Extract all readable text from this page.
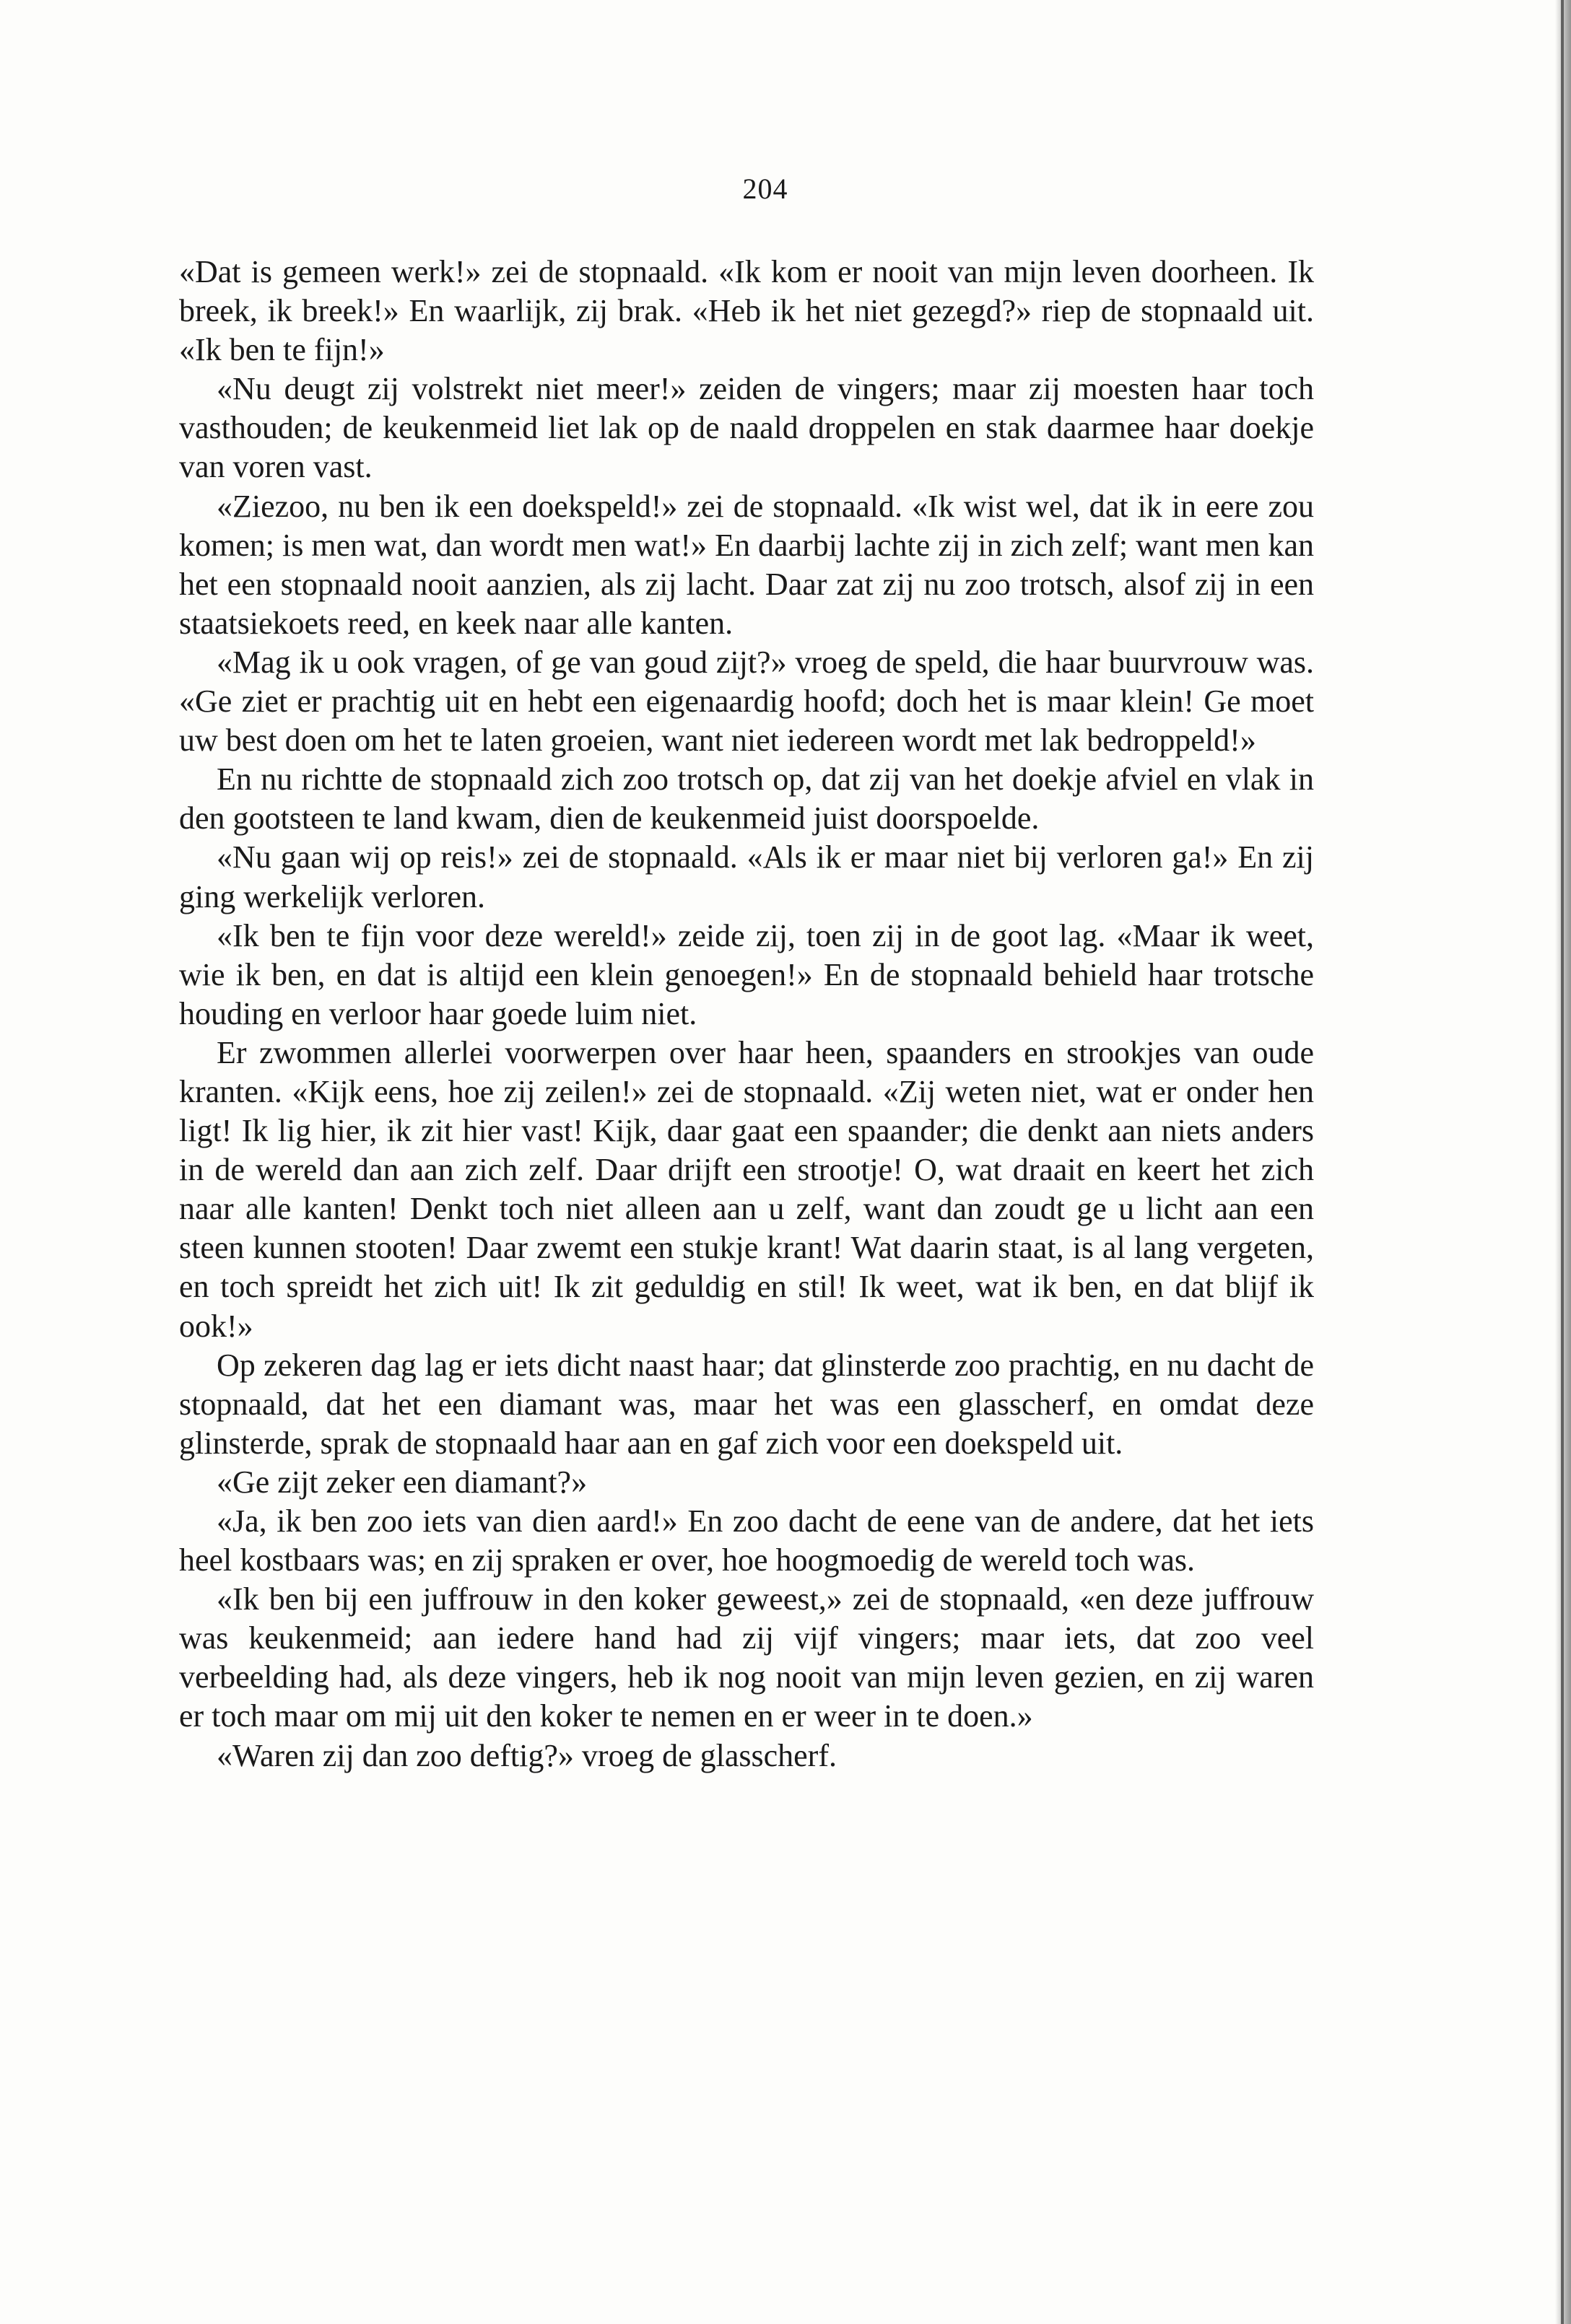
204

«Dat is gemeen werk!» zei de stopnaald. «Ik kom er nooit van mijn leven doorheen. Ik breek, ik breek!» En waarlijk, zij brak. «Heb ik het niet gezegd?» riep de stopnaald uit. «Ik ben te fijn!»

«Nu deugt zij volstrekt niet meer!» zeiden de vingers; maar zij moesten haar toch vasthouden; de keukenmeid liet lak op de naald droppelen en stak daarmee haar doekje van voren vast.

«Ziezoo, nu ben ik een doekspeld!» zei de stopnaald. «Ik wist wel, dat ik in eere zou komen; is men wat, dan wordt men wat!» En daarbij lachte zij in zich zelf; want men kan het een stopnaald nooit aanzien, als zij lacht. Daar zat zij nu zoo trotsch, alsof zij in een staatsiekoets reed, en keek naar alle kanten.

«Mag ik u ook vragen, of ge van goud zijt?» vroeg de speld, die haar buurvrouw was. «Ge ziet er prachtig uit en hebt een eigenaardig hoofd; doch het is maar klein! Ge moet uw best doen om het te laten groeien, want niet iedereen wordt met lak bedroppeld!»

En nu richtte de stopnaald zich zoo trotsch op, dat zij van het doekje afviel en vlak in den gootsteen te land kwam, dien de keukenmeid juist doorspoelde.

«Nu gaan wij op reis!» zei de stopnaald. «Als ik er maar niet bij verloren ga!» En zij ging werkelijk verloren.

«Ik ben te fijn voor deze wereld!» zeide zij, toen zij in de goot lag. «Maar ik weet, wie ik ben, en dat is altijd een klein genoegen!» En de stopnaald behield haar trotsche houding en verloor haar goede luim niet.

Er zwommen allerlei voorwerpen over haar heen, spaanders en strookjes van oude kranten. «Kijk eens, hoe zij zeilen!» zei de stopnaald. «Zij weten niet, wat er onder hen ligt! Ik lig hier, ik zit hier vast! Kijk, daar gaat een spaander; die denkt aan niets anders in de wereld dan aan zich zelf. Daar drijft een strootje! O, wat draait en keert het zich naar alle kanten! Denkt toch niet alleen aan u zelf, want dan zoudt ge u licht aan een steen kunnen stooten! Daar zwemt een stukje krant! Wat daarin staat, is al lang vergeten, en toch spreidt het zich uit! Ik zit geduldig en stil! Ik weet, wat ik ben, en dat blijf ik ook!»

Op zekeren dag lag er iets dicht naast haar; dat glinsterde zoo prachtig, en nu dacht de stopnaald, dat het een diamant was, maar het was een glasscherf, en omdat deze glinsterde, sprak de stopnaald haar aan en gaf zich voor een doekspeld uit.

«Ge zijt zeker een diamant?»

«Ja, ik ben zoo iets van dien aard!» En zoo dacht de eene van de andere, dat het iets heel kostbaars was; en zij spraken er over, hoe hoogmoedig de wereld toch was.

«Ik ben bij een juffrouw in den koker geweest,» zei de stopnaald, «en deze juffrouw was keukenmeid; aan iedere hand had zij vijf vingers; maar iets, dat zoo veel verbeelding had, als deze vingers, heb ik nog nooit van mijn leven gezien, en zij waren er toch maar om mij uit den koker te nemen en er weer in te doen.»

«Waren zij dan zoo deftig?» vroeg de glasscherf.
